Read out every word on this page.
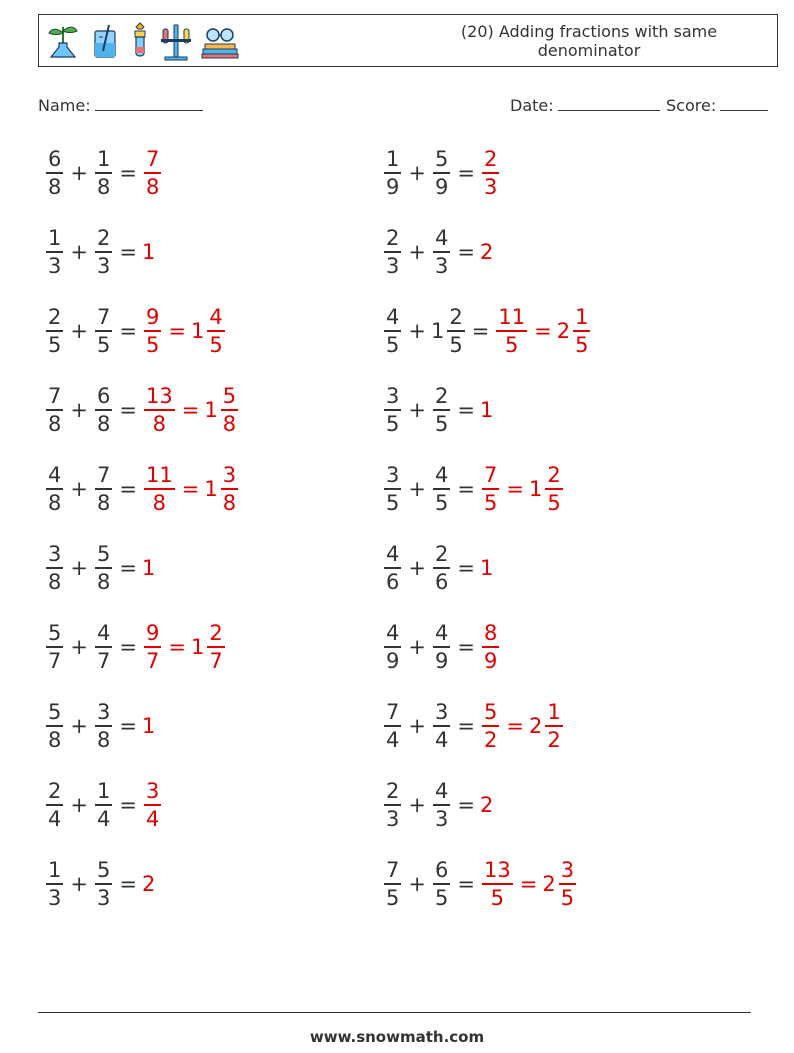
(20) Adding fractions with same
denominator
Name:	Date:	Score:
$\frac{6}{8} + \frac{1}{8} = \frac{7}{8}$	$\frac{1}{9} + \frac{5}{9} = \frac{2}{3}$
$\frac{1}{3} + \frac{2}{3} = 1$	$\frac{2}{3} + \frac{4}{3} = 2$
$\frac{2}{5} + \frac{7}{5} = \frac{9}{5} = 1 \frac{4}{5}$	$\frac{4}{5} + 1 \frac{2}{5} = \frac{11}{5} = 2 \frac{1}{5}$
$\frac{7}{8} + \frac{6}{8} = \frac{13}{8} = 1 \frac{5}{8}$	$\frac{3}{5} + \frac{2}{5} = 1$
$\frac{4}{8} + \frac{7}{8} = \frac{11}{8} = 1 \frac{3}{8}$	$\frac{3}{5} + \frac{4}{5} = \frac{7}{5} = 1 \frac{2}{5}$
$\frac{3}{8} + \frac{5}{8} = 1$	$\frac{4}{6} + \frac{2}{6} = 1$
$\frac{5}{7} + \frac{4}{7} = \frac{9}{7} = 1 \frac{2}{7}$	$\frac{4}{9} + \frac{4}{9} = \frac{8}{9}$
$\frac{5}{8} + \frac{3}{8} = 1$	$\frac{7}{4} + \frac{3}{4} = \frac{5}{2} = 2 \frac{1}{2}$
$\frac{2}{4} + \frac{1}{4} = \frac{3}{4}$	$\frac{2}{3} + \frac{4}{3} = 2$
$\frac{1}{3} + \frac{5}{3} = 2$	$\frac{7}{5} + \frac{6}{5} = \frac{13}{5} = 2 \frac{3}{5}$
www.snowmath.com
